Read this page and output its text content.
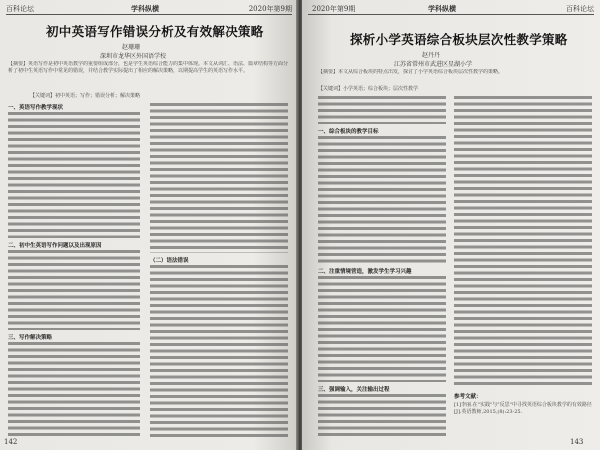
百科论坛	学科纵横	2020年第9期
初中英语写作错误分析及有效解决策略
赵珊珊
深圳市龙华区外国语学校
【摘要】英语写作是初中英语教学的重要组成部分，也是学生英语综合能力的集中体现。本文从词汇、语法、篇章结构等方面分析了初中生英语写作中常见的错误，并结合教学实际提出了相应的解决策略，以期提高学生的英语写作水平。
【关键词】初中英语；写作；错误分析；解决策略
一、英语写作教学现状
二、初中生英语写作问题以及出现原因
三、写作解决策略
（二）语法错误
142
2020年第9期	学科纵横	百科论坛
探析小学英语综合板块层次性教学策略
赵丹丹
江苏省常州市武进区星湖小学
【摘要】本文从综合板块的特点出发，探讨了小学英语综合板块层次性教学的策略。
【关键词】小学英语；综合板块；层次性教学
一、综合板块的教学目标
二、注重情境营造，激发学生学习兴趣
三、强调输入，关注输出过程
参考文献：
[1]李丽.在"实践"与"反思"中寻找英语综合板块教学的有效路径[J].英语教师,2015,(8):23-25.
143
